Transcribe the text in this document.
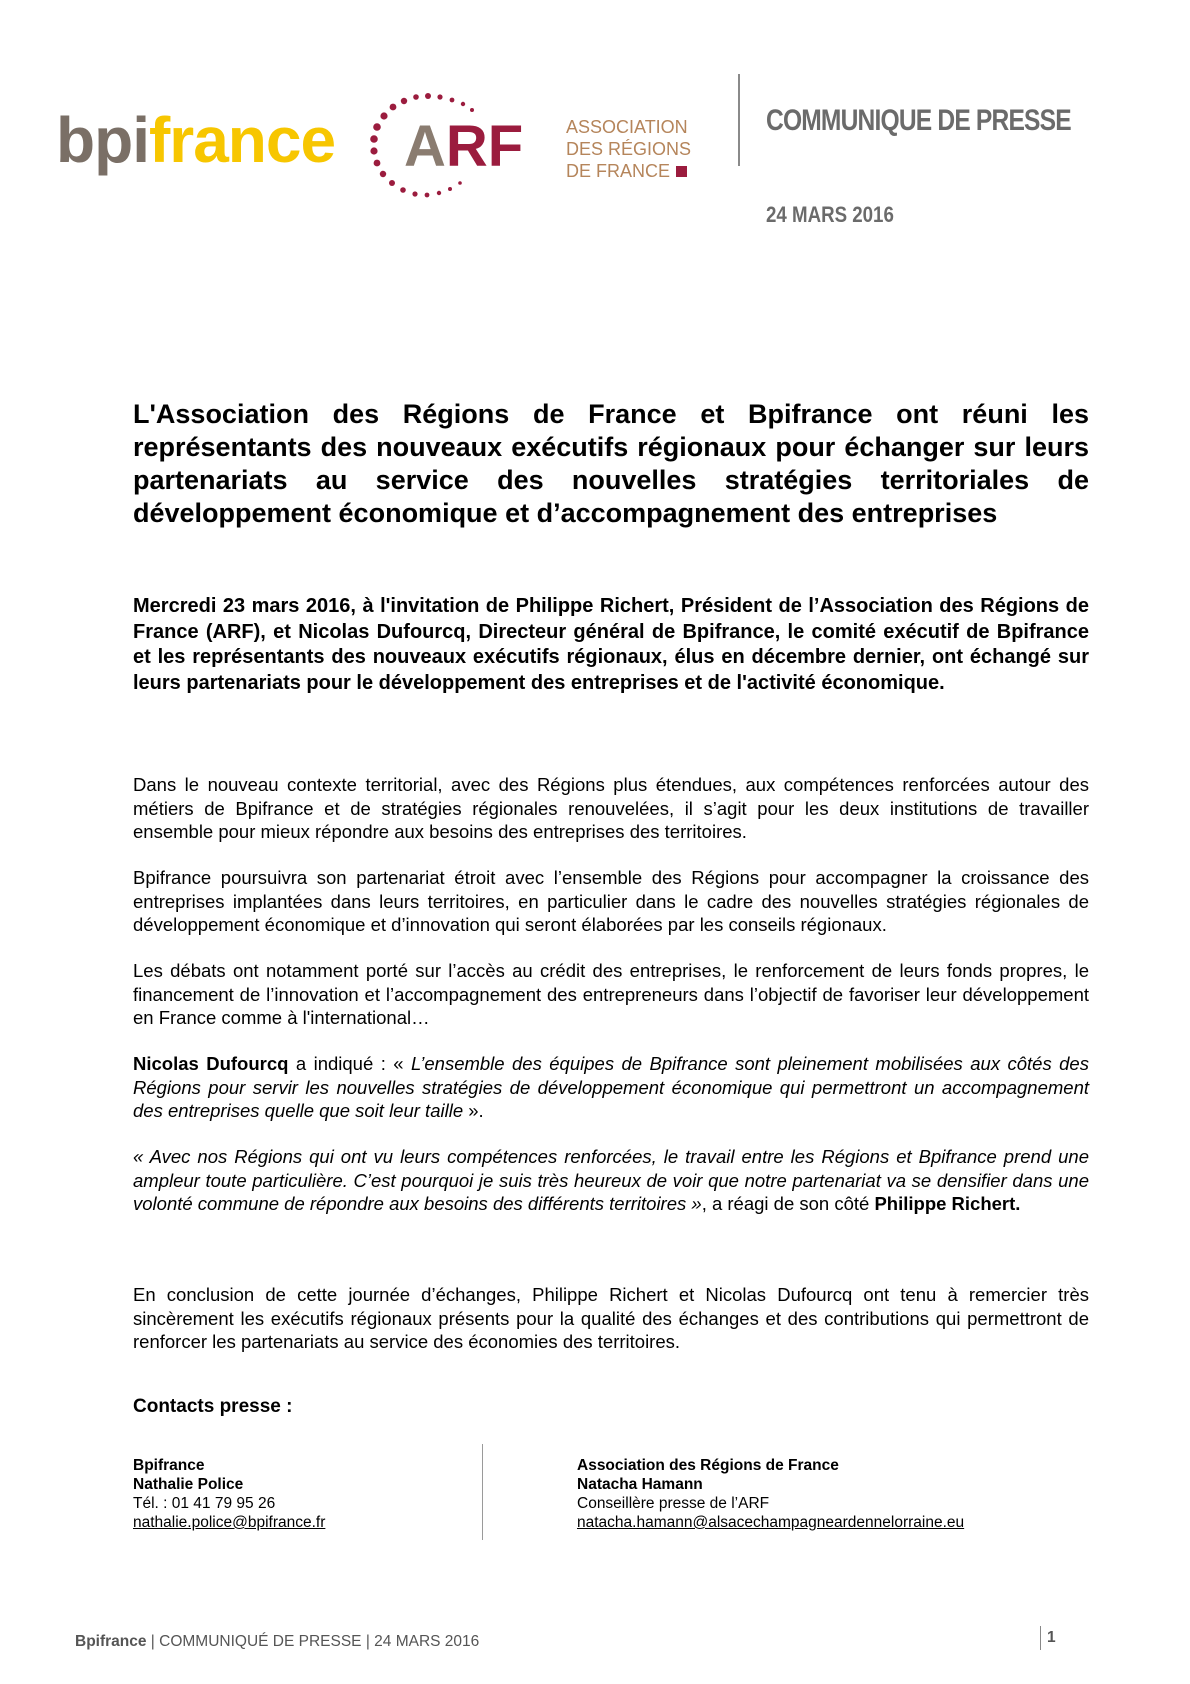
bpifrance ARF ASSOCIATION
DES RÉGIONS
DE FRANCE
COMMUNIQUE DE PRESSE
24 MARS 2016
L'Association des Régions de France et Bpifrance ont réuni les représentants des nouveaux exécutifs régionaux pour échanger sur leurs partenariats au service des nouvelles stratégies territoriales de développement économique et d’accompagnement des entreprises
Mercredi 23 mars 2016, à l'invitation de Philippe Richert, Président de l’Association des Régions de France (ARF), et Nicolas Dufourcq, Directeur général de Bpifrance, le comité exécutif de Bpifrance et les représentants des nouveaux exécutifs régionaux, élus en décembre dernier, ont échangé sur leurs partenariats pour le développement des entreprises et de l'activité économique.
Dans le nouveau contexte territorial, avec des Régions plus étendues, aux compétences renforcées autour des métiers de Bpifrance et de stratégies régionales renouvelées, il s’agit pour les deux institutions de travailler ensemble pour mieux répondre aux besoins des entreprises des territoires.
Bpifrance poursuivra son partenariat étroit avec l’ensemble des Régions pour accompagner la croissance des entreprises implantées dans leurs territoires, en particulier dans le cadre des nouvelles stratégies régionales de développement économique et d’innovation qui seront élaborées par les conseils régionaux.
Les débats ont notamment porté sur l’accès au crédit des entreprises, le renforcement de leurs fonds propres, le financement de l’innovation et l’accompagnement des entrepreneurs dans l’objectif de favoriser leur développement en France comme à l'international…
Nicolas Dufourcq a indiqué : « L’ensemble des équipes de Bpifrance sont pleinement mobilisées aux côtés des Régions pour servir les nouvelles stratégies de développement économique qui permettront un accompagnement des entreprises quelle que soit leur taille ».
« Avec nos Régions qui ont vu leurs compétences renforcées, le travail entre les Régions et Bpifrance prend une ampleur toute particulière. C’est pourquoi je suis très heureux de voir que notre partenariat va se densifier dans une volonté commune de répondre aux besoins des différents territoires », a réagi de son côté Philippe Richert.
En conclusion de cette journée d’échanges, Philippe Richert et Nicolas Dufourcq ont tenu à remercier très sincèrement les exécutifs régionaux présents pour la qualité des échanges et des contributions qui permettront de renforcer les partenariats au service des économies des territoires.
Contacts presse :
Bpifrance
Nathalie Police
Tél. : 01 41 79 95 26
nathalie.police@bpifrance.fr
Association des Régions de France
Natacha Hamann
Conseillère presse de l’ARF
natacha.hamann@alsacechampagneardennelorraine.eu
Bpifrance | COMMUNIQUÉ DE PRESSE | 24 MARS 2016	1
